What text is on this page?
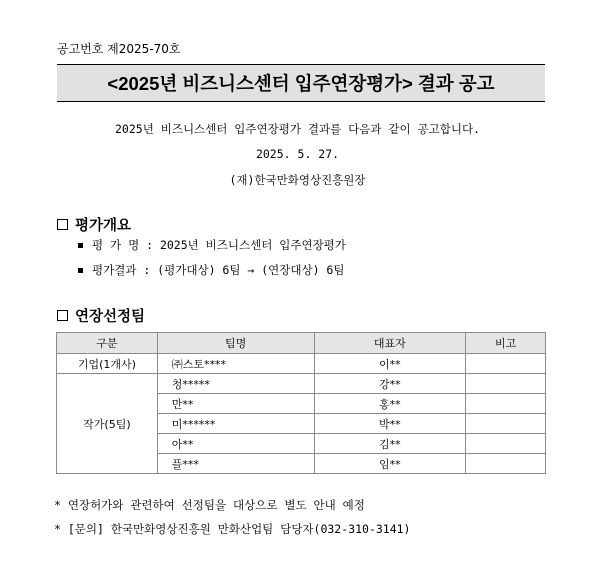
공고번호 제2025-70호
<2025년 비즈니스센터 입주연장평가> 결과 공고
2025년 비즈니스센터 입주연장평가 결과를 다음과 같이 공고합니다.
2025. 5. 27.
(재)한국만화영상진흥원장
평가개요
평 가 명 : 2025년 비즈니스센터 입주연장평가
평가결과 : (평가대상) 6팀 → (연장대상) 6팀
연장선정팀
구분	팀명	대표자	비고
기업(1개사)	㈜스토****	이**	
작가(5팀)	청*****	강**	
	만**	홍**	
	미******	박**	
	아**	김**	
	플***	임**	
* 연장허가와 관련하여 선정팀을 대상으로 별도 안내 예정
* [문의] 한국만화영상진흥원 만화산업팀 담당자(032-310-3141)
